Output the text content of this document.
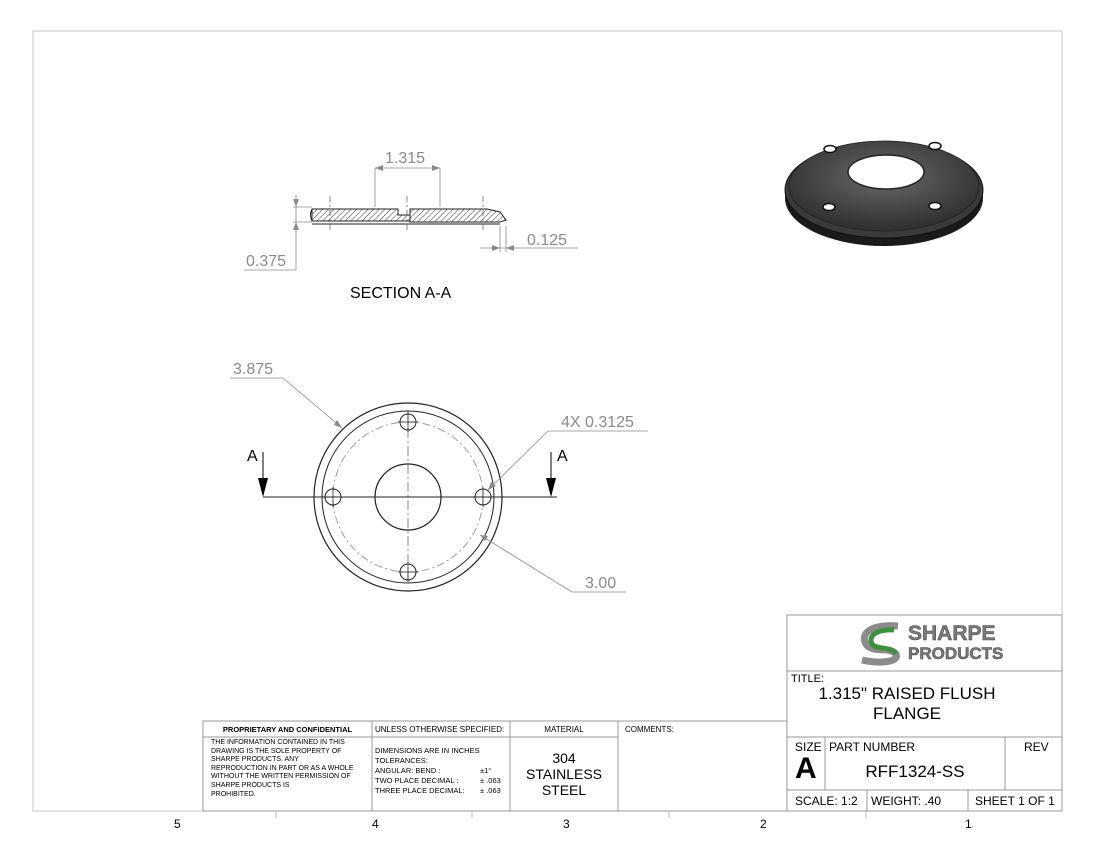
1.315
0.375
0.125
SECTION A-A
A	A
3.875
4X 0.3125
3.00
SHARPE
PRODUCTS
TITLE:
1.315" RAISED FLUSH
FLANGE
SIZE
A
PART NUMBER
RFF1324-SS
REV
SCALE: 1:2 WEIGHT: .40	SHEET 1 OF 1
PROPRIETARY AND CONFIDENTIAL
THE INFORMATION CONTAINED IN THIS
DRAWING IS THE SOLE PROPERTY OF
SHARPE PRODUCTS. ANY
REPRODUCTION IN PART OR AS A WHOLE
WITHOUT THE WRITTEN PERMISSION OF
SHARPE PRODUCTS IS
PROHIBITED.
UNLESS OTHERWISE SPECIFIED:
DIMENSIONS ARE IN INCHES
TOLERANCES:
ANGULAR: BEND :	±1°
TWO PLACE DECIMAL :	± .063
THREE PLACE DECIMAL:	± .063
MATERIAL
304
STAINLESS
STEEL
COMMENTS:
5	4	3	2	1
